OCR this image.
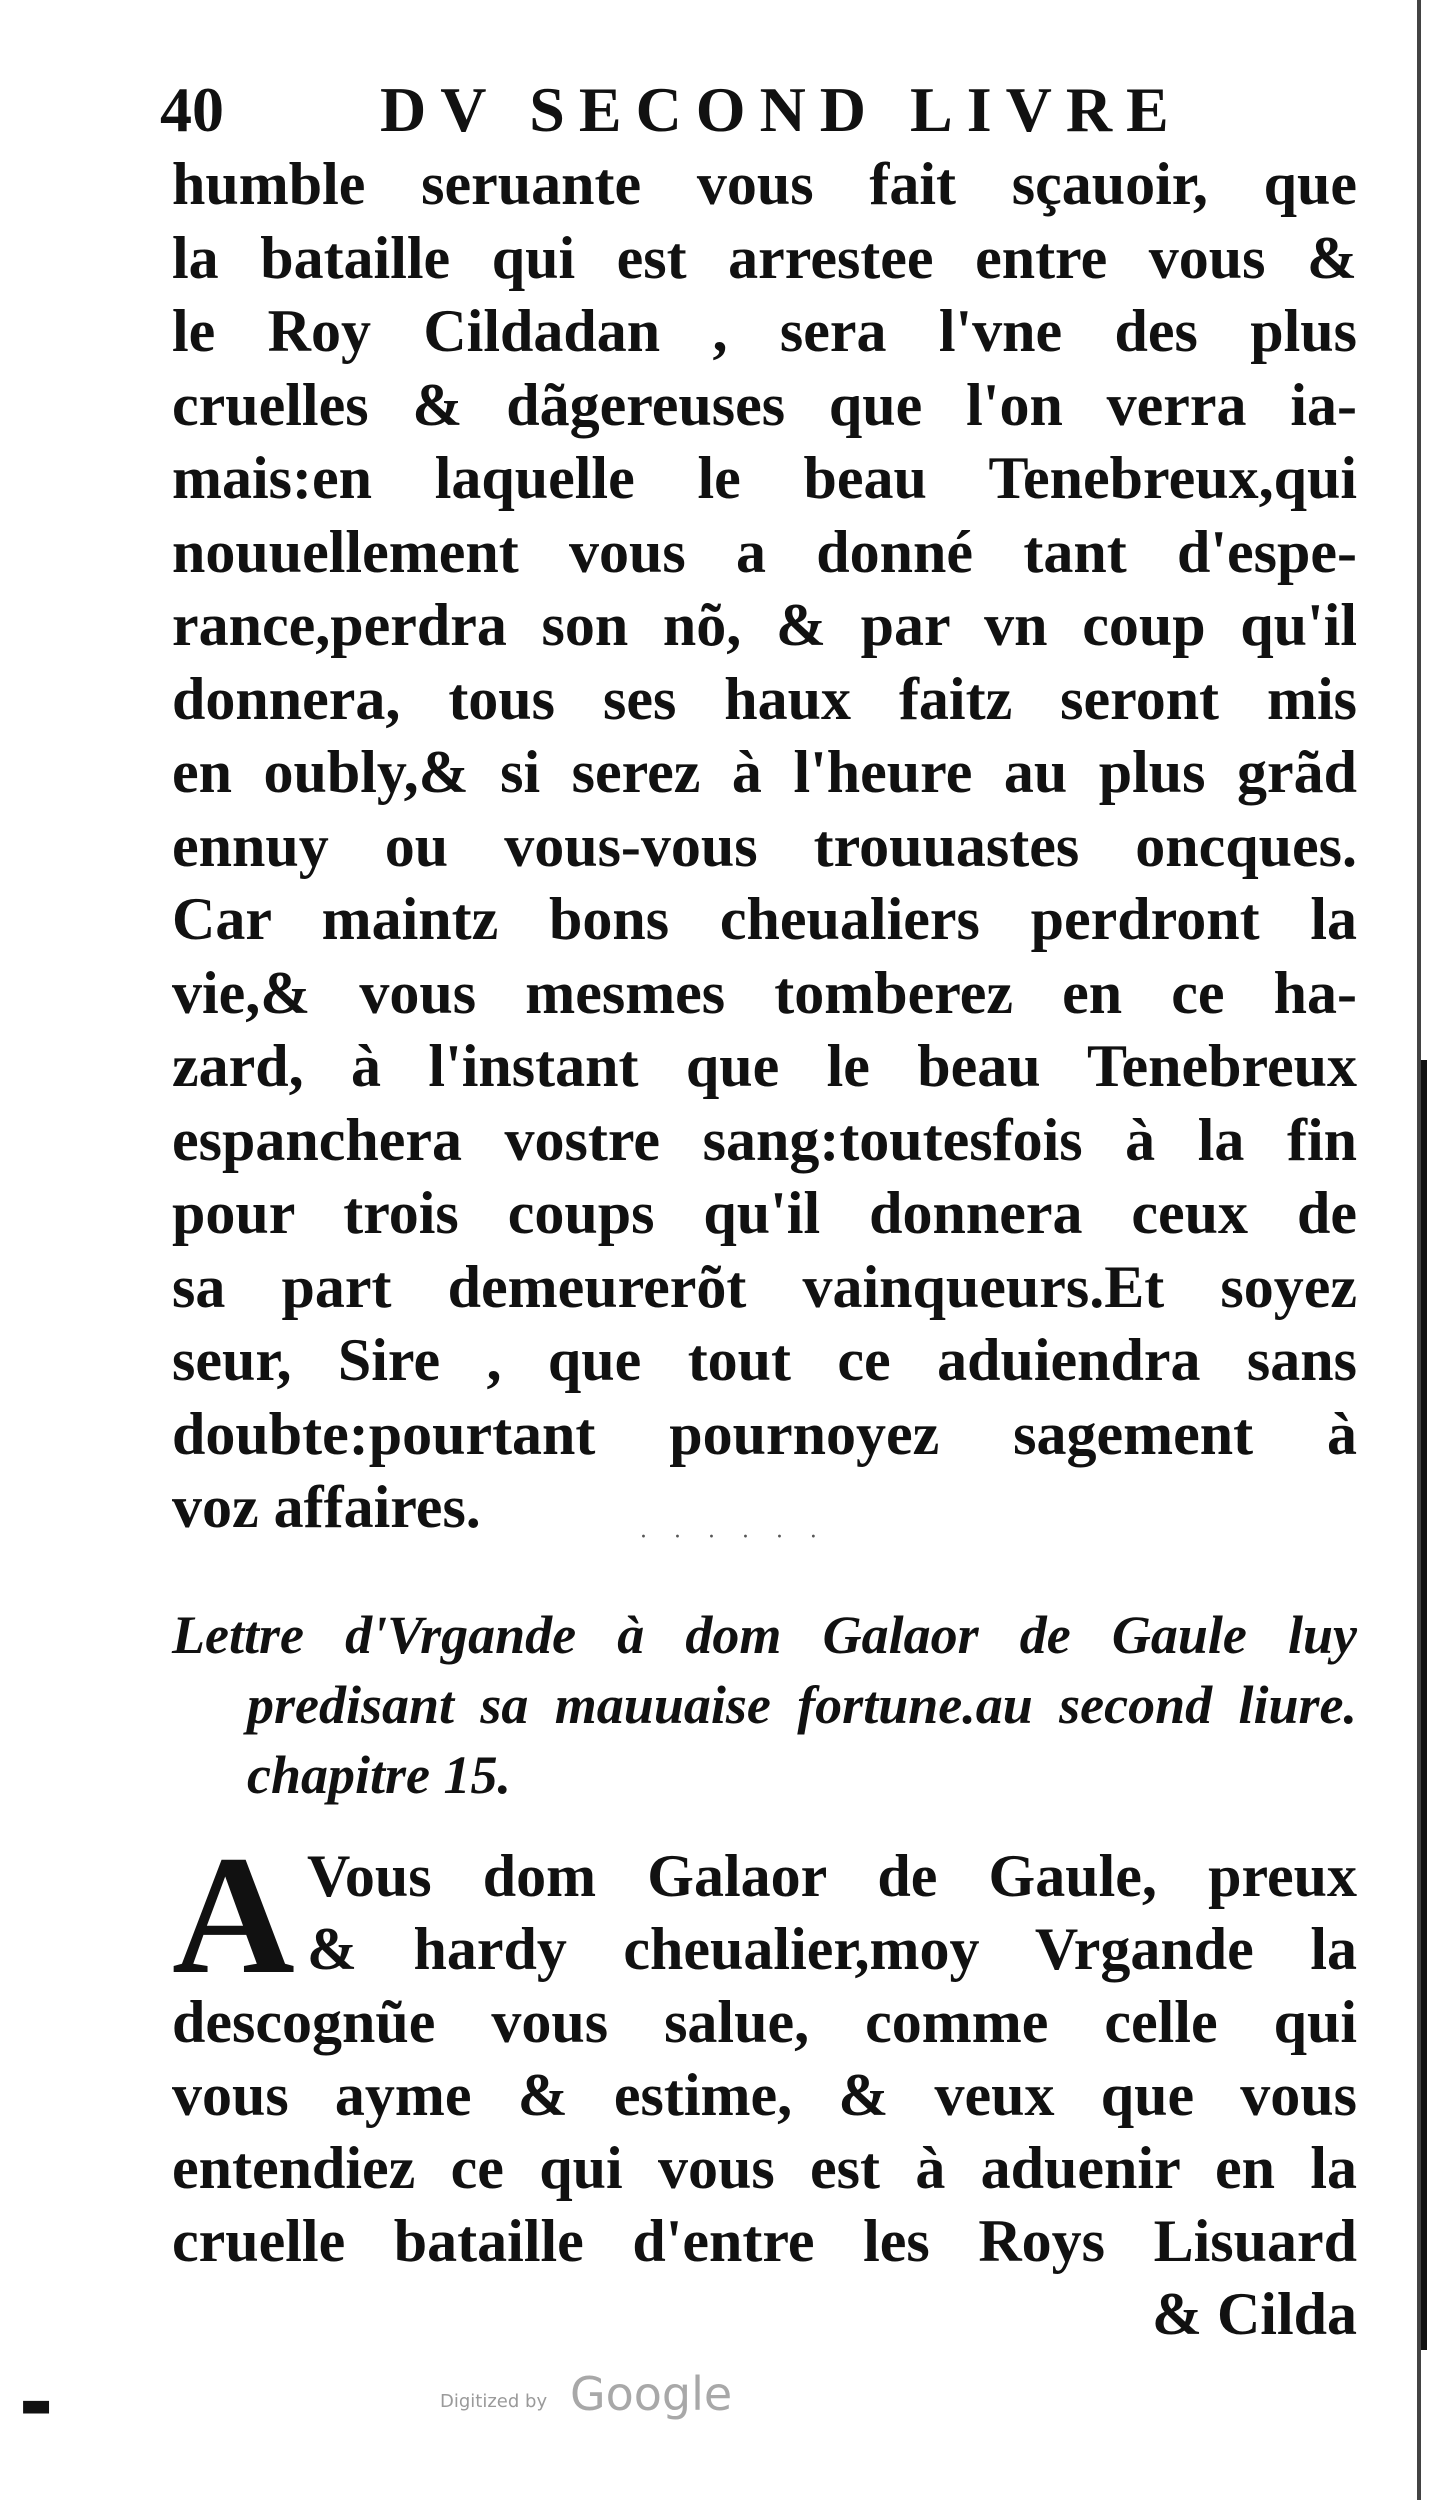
40 DV SECOND LIVRE
humble seruante vous fait sçauoir, que
la bataille qui est arrestee entre vous &
le Roy Cildadan , sera l'vne des plus
cruelles & dãgereuses que l'on verra ia-
mais:en laquelle le beau Tenebreux,qui
nouuellement vous a donné tant d'espe-
rance,perdra son nõ, & par vn coup qu'il
donnera, tous ses haux faitz seront mis
en oubly,& si serez à l'heure au plus grãd
ennuy ou vous-vous trouuastes oncques.
Car maintz bons cheualiers perdront la
vie,& vous mesmes tomberez en ce ha-
zard, à l'instant que le beau Tenebreux
espanchera vostre sang:toutesfois à la fin
pour trois coups qu'il donnera ceux de
sa part demeurerõt vainqueurs.Et soyez
seur, Sire , que tout ce aduiendra sans
doubte:pourtant pournoyez sagement à
voz affaires.	· · · · · ·
Lettre d'Vrgande à dom Galaor de Gaule luy
predisant sa mauuaise fortune.au second liure.
chapitre 15.
A Vous dom Galaor de Gaule, preux
& hardy cheualier,moy Vrgande la
descognũe vous salue, comme celle qui
vous ayme & estime, & veux que vous
entendiez ce qui vous est à aduenir en la
cruelle bataille d'entre les Roys Lisuard
& Cilda
▬	Digitized by Google
